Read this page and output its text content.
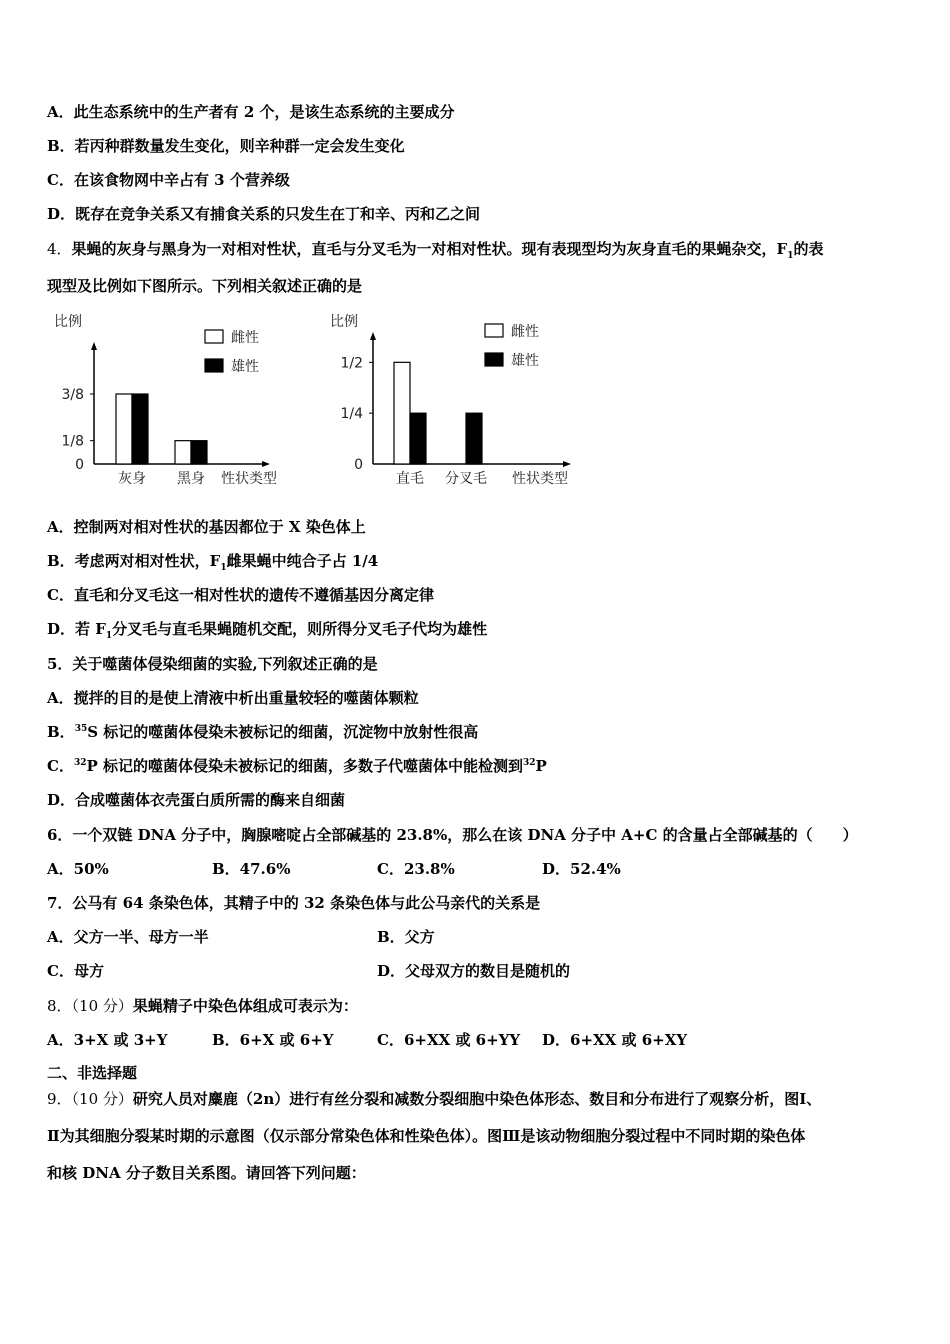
A．此生态系统中的生产者有 2 个，是该生态系统的主要成分
B．若丙种群数量发生变化，则辛种群一定会发生变化
C．在该食物网中辛占有 3 个营养级
D．既存在竞争关系又有捕食关系的只发生在丁和辛、丙和乙之间
4．果蝇的灰身与黑身为一对相对性状，直毛与分叉毛为一对相对性状。现有表现型均为灰身直毛的果蝇杂交，$F_1$的表
现型及比例如下图所示。下列相关叙述正确的是
比例
0
1/8
3/8
灰身 黑身 性状类型
雌性
雄性
比例
0
1/4
1/2
直毛 分叉毛 性状类型
雌性
雄性
A．控制两对相对性状的基因都位于 X 染色体上
B．考虑两对相对性状，$F_1$雌果蝇中纯合子占 1/4
C．直毛和分叉毛这一相对性状的遗传不遵循基因分离定律
D．若 $F_1$分叉毛与直毛果蝇随机交配，则所得分叉毛子代均为雄性
5．关于噬菌体侵染细菌的实验,下列叙述正确的是
A．搅拌的目的是使上清液中析出重量较轻的噬菌体颗粒
B．$^{35}$S 标记的噬菌体侵染未被标记的细菌，沉淀物中放射性很高
C．$^{32}$P 标记的噬菌体侵染未被标记的细菌，多数子代噬菌体中能检测到$^{32}$P
D．合成噬菌体衣壳蛋白质所需的酶来自细菌
6．一个双链 DNA 分子中，胸腺嘧啶占全部碱基的 23.8%，那么在该 DNA 分子中 A+C 的含量占全部碱基的（　　）
A．50%	B．47.6%	C．23.8%	D．52.4%
7．公马有 64 条染色体，其精子中的 32 条染色体与此公马亲代的关系是
A．父方一半、母方一半	B．父方
C．母方	D．父母双方的数目是随机的
8．（10 分）果蝇精子中染色体组成可表示为：
A．3+X 或 3+Y	B．6+X 或 6+Y	C．6+XX 或 6+YY D．6+XX 或 6+XY
二、非选择题
9．（10 分）研究人员对麋鹿（2n）进行有丝分裂和减数分裂细胞中染色体形态、数目和分布进行了观察分析，图Ⅰ、
Ⅱ为其细胞分裂某时期的示意图（仅示部分常染色体和性染色体）。图Ⅲ是该动物细胞分裂过程中不同时期的染色体
和核 DNA 分子数目关系图。请回答下列问题：
